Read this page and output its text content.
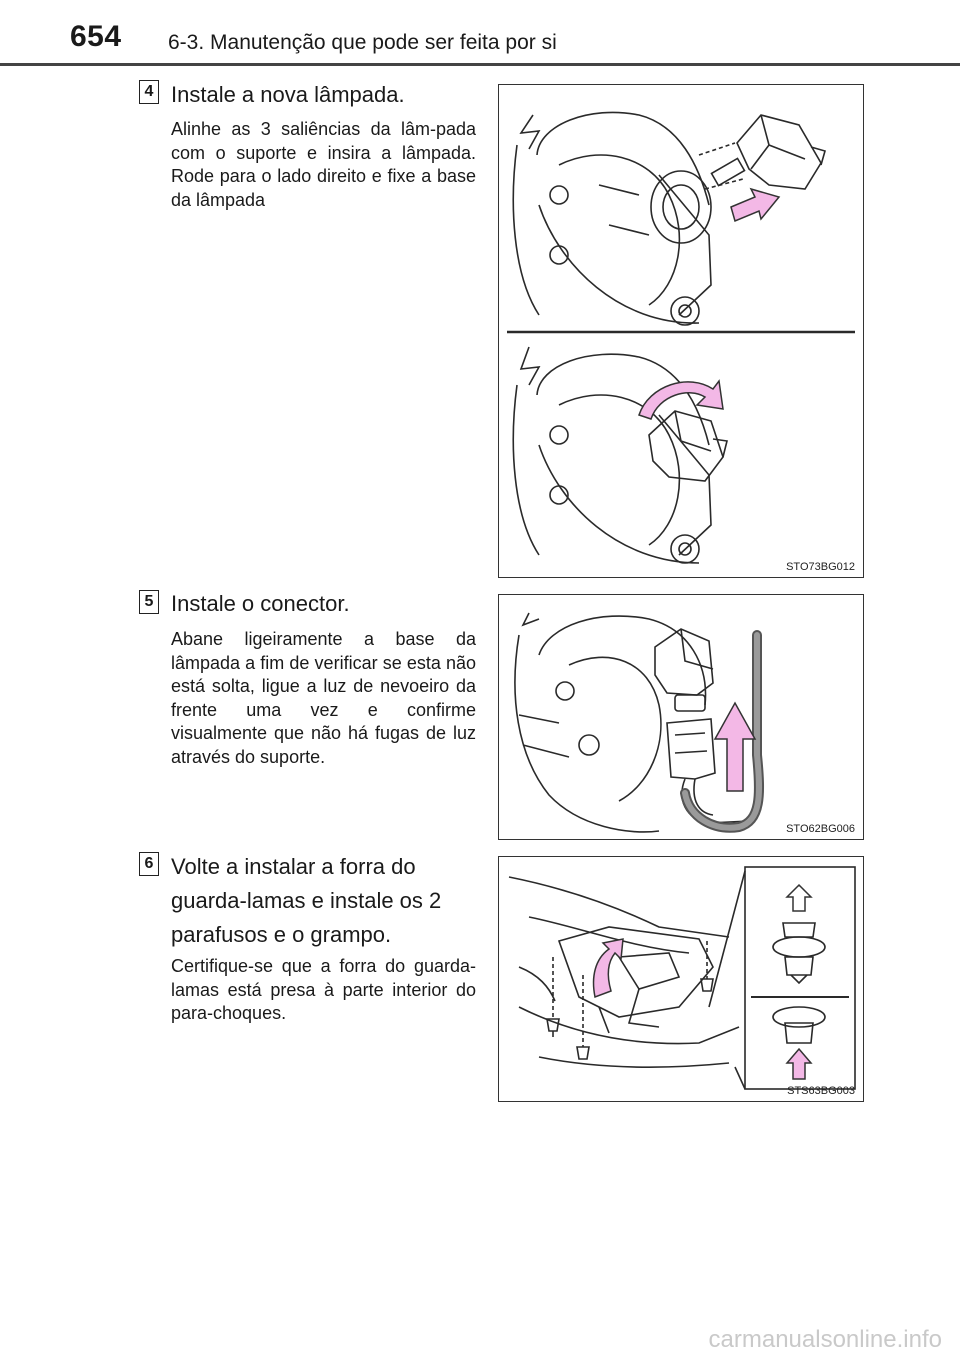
654 6-3. Manutenção que pode ser feita por si
4 Instale a nova lâmpada.
Alinhe as 3 saliências da lâm-pada com o suporte e insira a lâmpada. Rode para o lado direito e fixe a base da lâmpada
STO73BG012
5 Instale o conector.
Abane ligeiramente a base da lâmpada a fim de verificar se esta não está solta, ligue a luz de nevoeiro da frente uma vez e confirme visualmente que não há fugas de luz através do suporte.
STO62BG006
6 Volte a instalar a forra do guarda-lamas e instale os 2 parafusos e o grampo.
Certifique-se que a forra do guarda-lamas está presa à parte interior do para-choques.
STS63BG003
carmanualsonline.info
